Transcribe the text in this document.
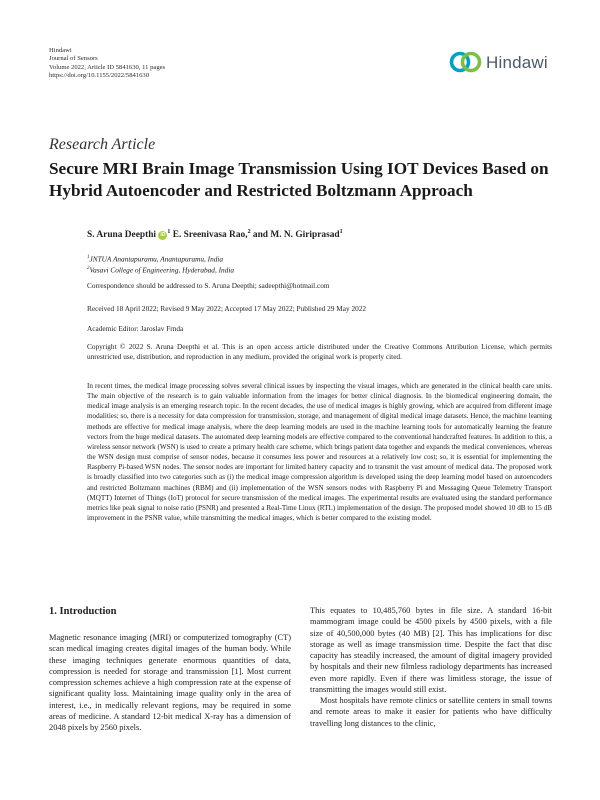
Hindawi
Journal of Sensors
Volume 2022, Article ID 5841630, 11 pages
https://doi.org/10.1155/2022/5841630
Hindawi
Research Article
Secure MRI Brain Image Transmission Using IOT Devices Based on Hybrid Autoencoder and Restricted Boltzmann Approach
S. Aruna Deepthi $iD^1$ E. Sreenivasa Rao,$^2$ and M. N. Giriprasad$^1$
$^1$JNTUA Anantapuramu, Anantapuramu, India
$^2$Vasavi College of Engineering, Hyderabad, India
Correspondence should be addressed to S. Aruna Deepthi; sadeepthi@hotmail.com
Received 18 April 2022; Revised 9 May 2022; Accepted 17 May 2022; Published 29 May 2022
Academic Editor: Jaroslav Frnda
Copyright © 2022 S. Aruna Deepthi et al. This is an open access article distributed under the Creative Commons Attribution License, which permits unrestricted use, distribution, and reproduction in any medium, provided the original work is properly cited.
In recent times, the medical image processing solves several clinical issues by inspecting the visual images, which are generated in the clinical health care units. The main objective of the research is to gain valuable information from the images for better clinical diagnosis. In the biomedical engineering domain, the medical image analysis is an emerging research topic. In the recent decades, the use of medical images is highly growing, which are acquired from different image modalities; so, there is a necessity for data compression for transmission, storage, and management of digital medical image datasets. Hence, the machine learning methods are effective for medical image analysis, where the deep learning models are used in the machine learning tools for automatically learning the feature vectors from the huge medical datasets. The automated deep learning models are effective compared to the conventional handcrafted features. In addition to this, a wireless sensor network (WSN) is used to create a primary health care scheme, which brings patient data together and expands the medical conveniences, whereas the WSN design must comprise of sensor nodes, because it consumes less power and resources at a relatively low cost; so, it is essential for implementing the Raspberry Pi-based WSN nodes. The sensor nodes are important for limited battery capacity and to transmit the vast amount of medical data. The proposed work is broadly classified into two categories such as (i) the medical image compression algorithm is developed using the deep learning model based on autoencoders and restricted Boltzmann machines (RBM) and (ii) implementation of the WSN sensors nodes with Raspberry Pi and Messaging Queue Telemetry Transport (MQTT) Internet of Things (IoT) protocol for secure transmission of the medical images. The experimental results are evaluated using the standard performance metrics like peak signal to noise ratio (PSNR) and presented a Real-Time Linux (RTL) implementation of the design. The proposed model showed 10 dB to 15 dB improvement in the PSNR value, while transmitting the medical images, which is better compared to the existing model.
1. Introduction

Magnetic resonance imaging (MRI) or computerized tomography (CT) scan medical imaging creates digital images of the human body. While these imaging techniques generate enormous quantities of data, compression is needed for storage and transmission [1]. Most current compression schemes achieve a high compression rate at the expense of significant quality loss. Maintaining image quality only in the area of interest, i.e., in medically relevant regions, may be required in some areas of medicine. A standard 12-bit medical X-ray has a dimension of 2048 pixels by 2560 pixels.

This equates to 10,485,760 bytes in file size. A standard 16-bit mammogram image could be 4500 pixels by 4500 pixels, with a file size of 40,500,000 bytes (40 MB) [2]. This has implications for disc storage as well as image transmission time. Despite the fact that disc capacity has steadily increased, the amount of digital imagery provided by hospitals and their new filmless radiology departments has increased even more rapidly. Even if there was limitless storage, the issue of transmitting the images would still exist.

Most hospitals have remote clinics or satellite centers in small towns and remote areas to make it easier for patients who have difficulty travelling long distances to the clinic,
